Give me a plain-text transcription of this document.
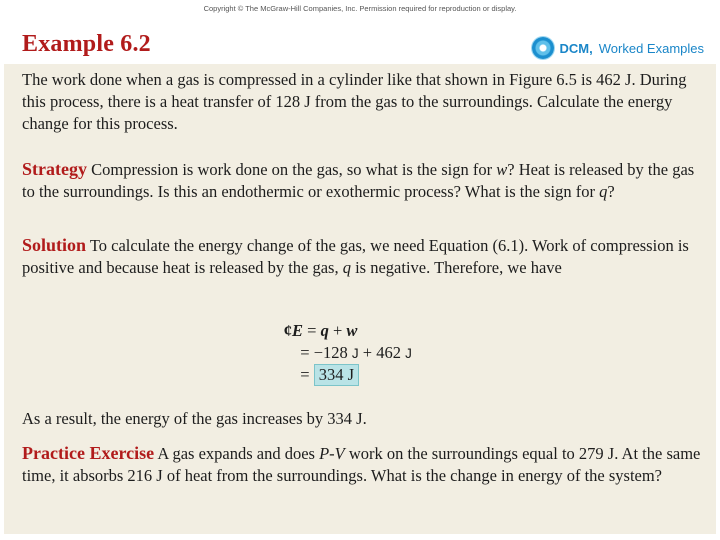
Copyright © The McGraw-Hill Companies, Inc. Permission required for reproduction or display.
Example 6.2	DCM, Worked Examples
The work done when a gas is compressed in a cylinder like that shown in Figure 6.5 is 462 J. During this process, there is a heat transfer of 128 J from the gas to the surroundings. Calculate the energy change for this process.
Strategy Compression is work done on the gas, so what is the sign for w? Heat is released by the gas to the surroundings. Is this an endothermic or exothermic process? What is the sign for q?
Solution To calculate the energy change of the gas, we need Equation (6.1). Work of compression is positive and because heat is released by the gas, q is negative. Therefore, we have
¢E = q + w
= −128 J + 462 J
= 334 J
As a result, the energy of the gas increases by 334 J.
Practice Exercise A gas expands and does P-V work on the surroundings equal to 279 J. At the same time, it absorbs 216 J of heat from the surroundings. What is the change in energy of the system?
